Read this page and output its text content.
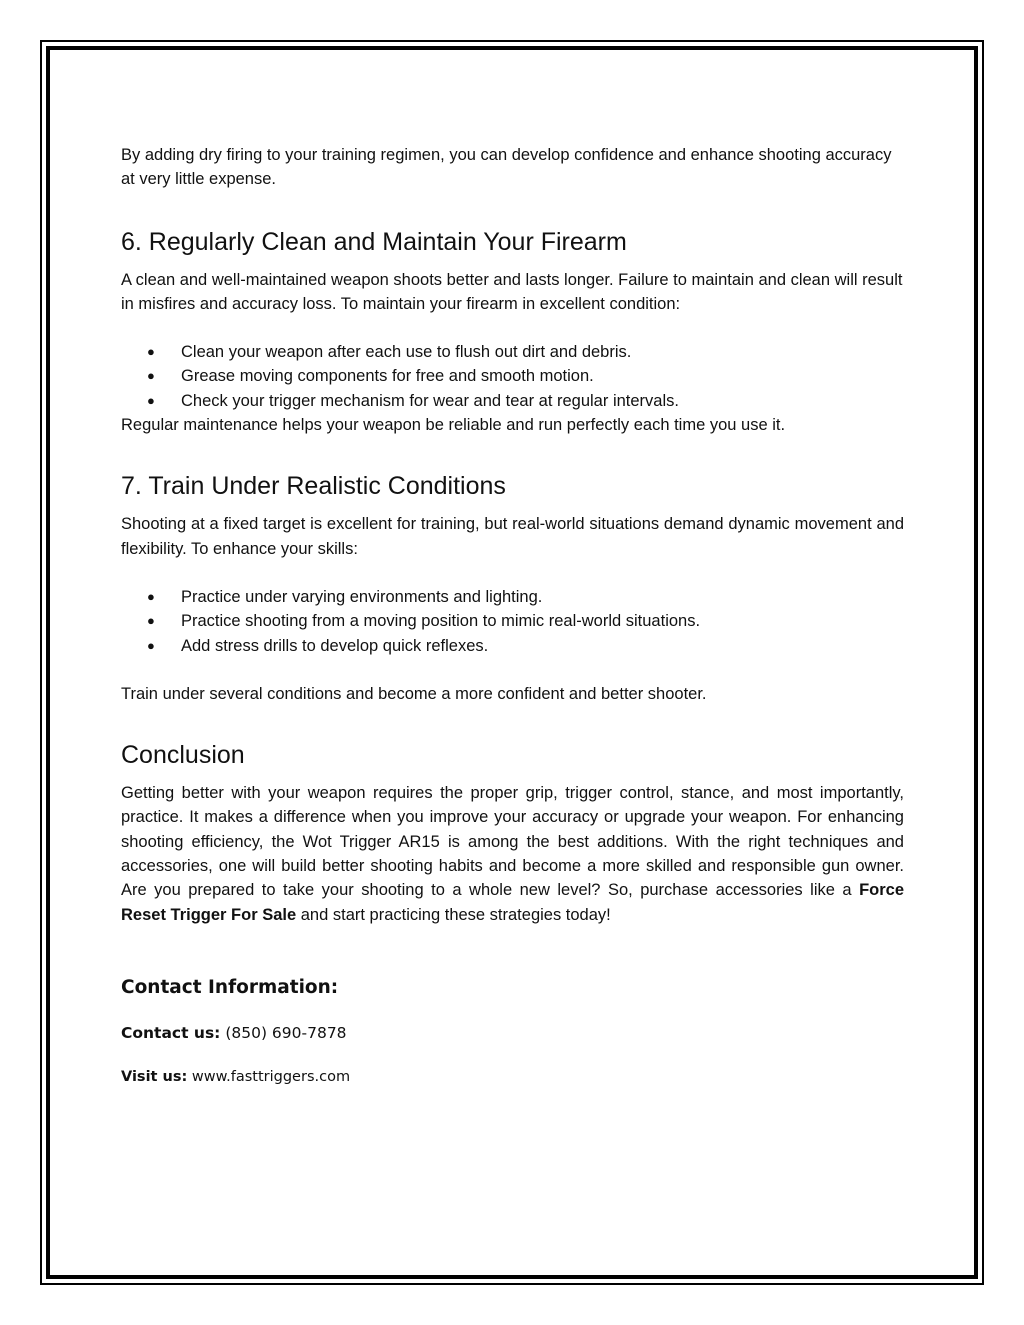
By adding dry firing to your training regimen, you can develop confidence and enhance shooting accuracy at very little expense.

6. Regularly Clean and Maintain Your Firearm

A clean and well-maintained weapon shoots better and lasts longer. Failure to maintain and clean will result in misfires and accuracy loss. To maintain your firearm in excellent condition:

● Clean your weapon after each use to flush out dirt and debris.
● Grease moving components for free and smooth motion.
● Check your trigger mechanism for wear and tear at regular intervals.

Regular maintenance helps your weapon be reliable and run perfectly each time you use it.

7. Train Under Realistic Conditions

Shooting at a fixed target is excellent for training, but real-world situations demand dynamic movement and flexibility. To enhance your skills:

● Practice under varying environments and lighting.
● Practice shooting from a moving position to mimic real-world situations.
● Add stress drills to develop quick reflexes.

Train under several conditions and become a more confident and better shooter.

Conclusion

Getting better with your weapon requires the proper grip, trigger control, stance, and most importantly, practice. It makes a difference when you improve your accuracy or upgrade your weapon. For enhancing shooting efficiency, the Wot Trigger AR15 is among the best additions. With the right techniques and accessories, one will build better shooting habits and become a more skilled and responsible gun owner. Are you prepared to take your shooting to a whole new level? So, purchase accessories like a Force Reset Trigger For Sale and start practicing these strategies today!

Contact Information:

Contact us: (850) 690-7878

Visit us: www.fasttriggers.com
